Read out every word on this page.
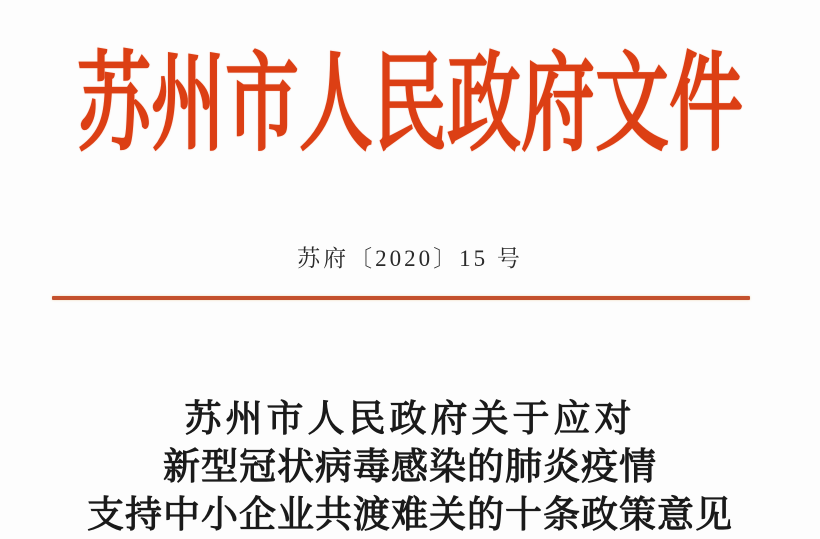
苏州市人民政府文件
苏府〔2020〕15 号
苏州市人民政府关于应对
新型冠状病毒感染的肺炎疫情
支持中小企业共渡难关的十条政策意见
